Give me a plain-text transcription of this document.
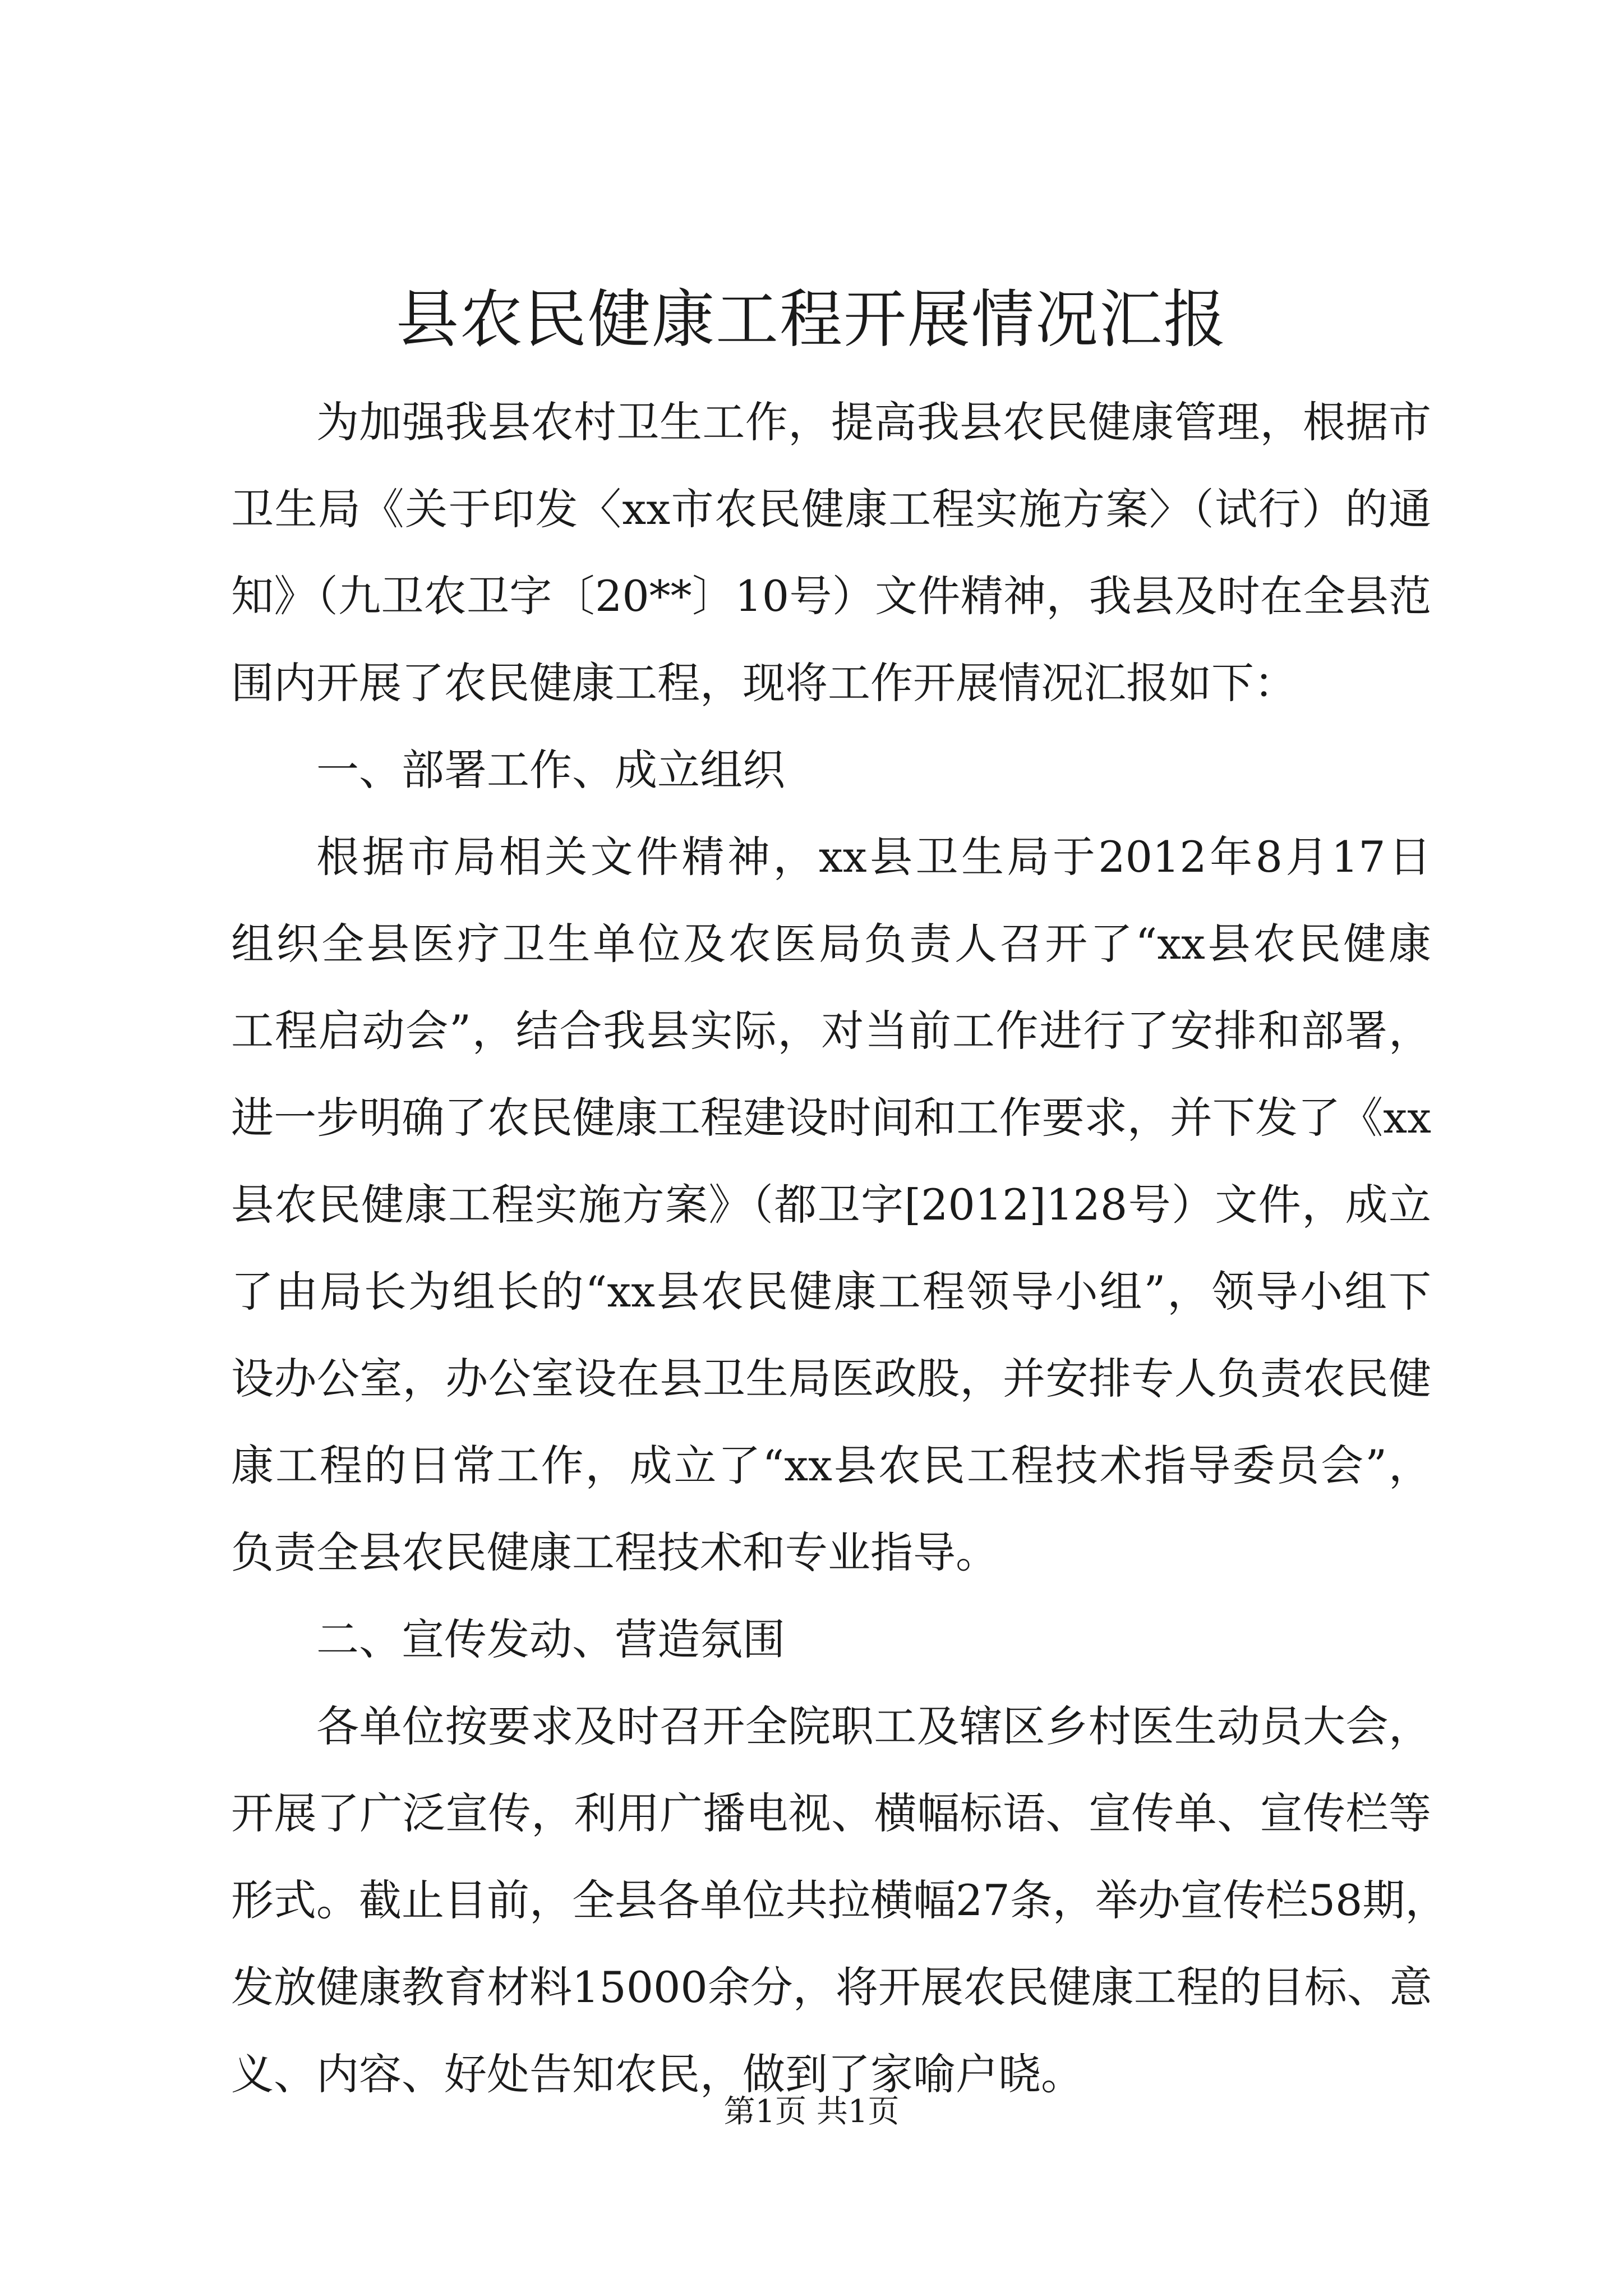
县农民健康工程开展情况汇报
为加强我县农村卫生工作，提高我县农民健康管理，根据市
卫生局《关于印发〈xx市农民健康工程实施方案〉（试行）的通
知》（九卫农卫字〔20**〕10号）文件精神，我县及时在全县范
围内开展了农民健康工程，现将工作开展情况汇报如下：
一、部署工作、成立组织
根据市局相关文件精神，xx县卫生局于2012年8月17日
组织全县医疗卫生单位及农医局负责人召开了“xx县农民健康
工程启动会”，结合我县实际，对当前工作进行了安排和部署，
进一步明确了农民健康工程建设时间和工作要求，并下发了《xx
县农民健康工程实施方案》（都卫字[2012]128号）文件，成立
了由局长为组长的“xx县农民健康工程领导小组”，领导小组下
设办公室，办公室设在县卫生局医政股，并安排专人负责农民健
康工程的日常工作，成立了“xx县农民工程技术指导委员会”，
负责全县农民健康工程技术和专业指导。
二、宣传发动、营造氛围
各单位按要求及时召开全院职工及辖区乡村医生动员大会，
开展了广泛宣传，利用广播电视、横幅标语、宣传单、宣传栏等
形式。截止目前，全县各单位共拉横幅27条，举办宣传栏58期，
发放健康教育材料15000余分，将开展农民健康工程的目标、意
义、内容、好处告知农民，做到了家喻户晓。
第1页 共1页
